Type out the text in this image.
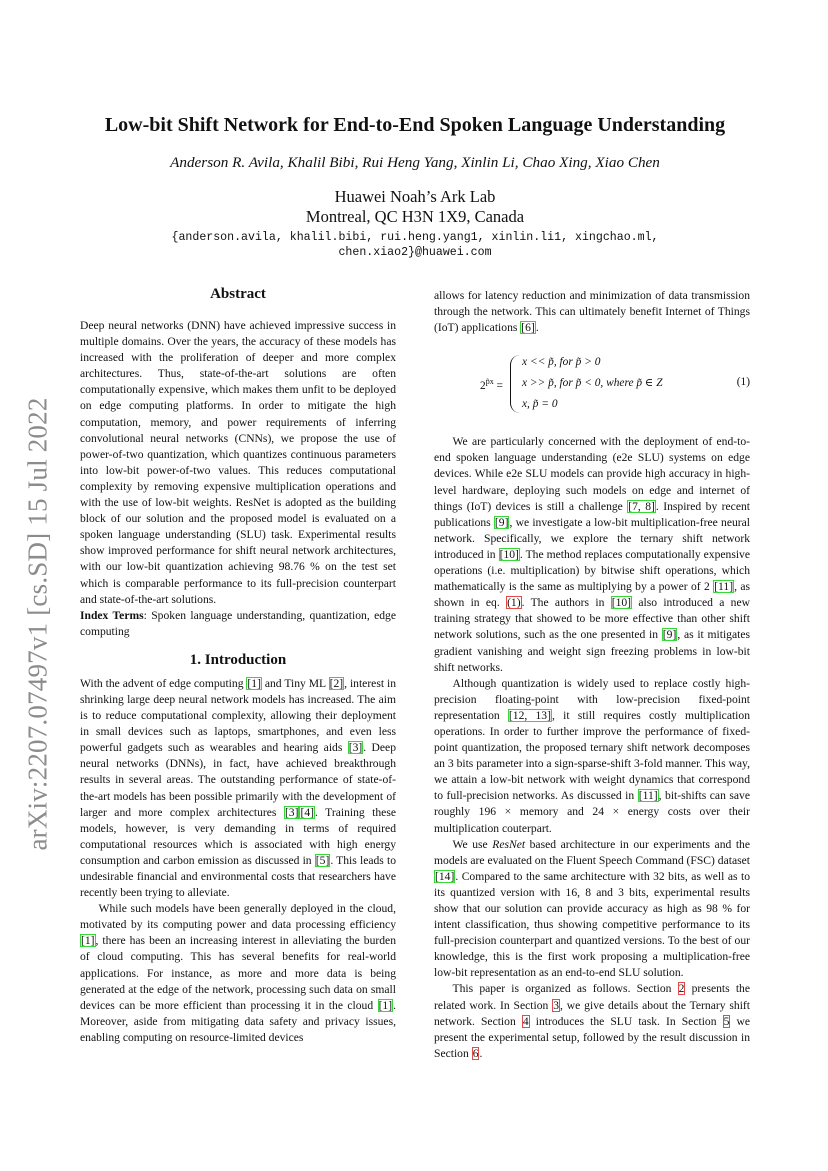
arXiv:2207.07497v1 [cs.SD] 15 Jul 2022
Low-bit Shift Network for End-to-End Spoken Language Understanding
Anderson R. Avila, Khalil Bibi, Rui Heng Yang, Xinlin Li, Chao Xing, Xiao Chen
Huawei Noah’s Ark Lab
Montreal, QC H3N 1X9, Canada
{anderson.avila, khalil.bibi, rui.heng.yang1, xinlin.li1, xingchao.ml,
chen.xiao2}@huawei.com
Abstract

Deep neural networks (DNN) have achieved impressive success in multiple domains. Over the years, the accuracy of these models has increased with the proliferation of deeper and more complex architectures. Thus, state-of-the-art solutions are often computationally expensive, which makes them unfit to be deployed on edge computing platforms. In order to mitigate the high computation, memory, and power requirements of inferring convolutional neural networks (CNNs), we propose the use of power-of-two quantization, which quantizes continuous parameters into low-bit power-of-two values. This reduces computational complexity by removing expensive multiplication operations and with the use of low-bit weights. ResNet is adopted as the building block of our solution and the proposed model is evaluated on a spoken language understanding (SLU) task. Experimental results show improved performance for shift neural network architectures, with our low-bit quantization achieving 98.76 % on the test set which is comparable performance to its full-precision counterpart and state-of-the-art solutions.

Index Terms: Spoken language understanding, quantization, edge computing

1. Introduction

With the advent of edge computing [1] and Tiny ML [2], interest in shrinking large deep neural network models has increased. The aim is to reduce computational complexity, allowing their deployment in small devices such as laptops, smartphones, and even less powerful gadgets such as wearables and hearing aids [3]. Deep neural networks (DNNs), in fact, have achieved breakthrough results in several areas. The outstanding performance of state-of-the-art models has been possible primarily with the development of larger and more complex architectures [3] [4]. Training these models, however, is very demanding in terms of required computational resources which is associated with high energy consumption and carbon emission as discussed in [5]. This leads to undesirable financial and environmental costs that researchers have recently been trying to alleviate.

While such models have been generally deployed in the cloud, motivated by its computing power and data processing efficiency [1], there has been an increasing interest in alleviating the burden of cloud computing. This has several benefits for real-world applications. For instance, as more and more data is being generated at the edge of the network, processing such data on small devices can be more efficient than processing it in the cloud [1]. Moreover, aside from mitigating data safety and privacy issues, enabling computing on resource-limited devices

allows for latency reduction and minimization of data transmission through the network. This can ultimately benefit Internet of Things (IoT) applications [6].

$2^{p̃x}$ =
x << p̃, for p̃ > 0
x >> p̃, for p̃ < 0, where p̃ ∈ Z
x, p̃ = 0
(1)

We are particularly concerned with the deployment of end-to-end spoken language understanding (e2e SLU) systems on edge devices. While e2e SLU models can provide high accuracy in high-level hardware, deploying such models on edge and internet of things (IoT) devices is still a challenge [7, 8]. Inspired by recent publications [9], we investigate a low-bit multiplication-free neural network. Specifically, we explore the ternary shift network introduced in [10]. The method replaces computationally expensive operations (i.e. multiplication) by bitwise shift operations, which mathematically is the same as multiplying by a power of 2 [11], as shown in eq. (1). The authors in [10] also introduced a new training strategy that showed to be more effective than other shift network solutions, such as the one presented in [9], as it mitigates gradient vanishing and weight sign freezing problems in low-bit shift networks.

Although quantization is widely used to replace costly high-precision floating-point with low-precision fixed-point representation [12, 13], it still requires costly multiplication operations. In order to further improve the performance of fixed-point quantization, the proposed ternary shift network decomposes an 3 bits parameter into a sign-sparse-shift 3-fold manner. This way, we attain a low-bit network with weight dynamics that correspond to full-precision networks. As discussed in [11], bit-shifts can save roughly 196 × memory and 24 × energy costs over their multiplication couterpart.

We use ResNet based architecture in our experiments and the models are evaluated on the Fluent Speech Command (FSC) dataset [14]. Compared to the same architecture with 32 bits, as well as to its quantized version with 16, 8 and 3 bits, experimental results show that our solution can provide accuracy as high as 98 % for intent classification, thus showing competitive performance to its full-precision counterpart and quantized versions. To the best of our knowledge, this is the first work proposing a multiplication-free low-bit representation as an end-to-end SLU solution.

This paper is organized as follows. Section 2 presents the related work. In Section 3, we give details about the Ternary shift network. Section 4 introduces the SLU task. In Section 5 we present the experimental setup, followed by the result discussion in Section 6.
